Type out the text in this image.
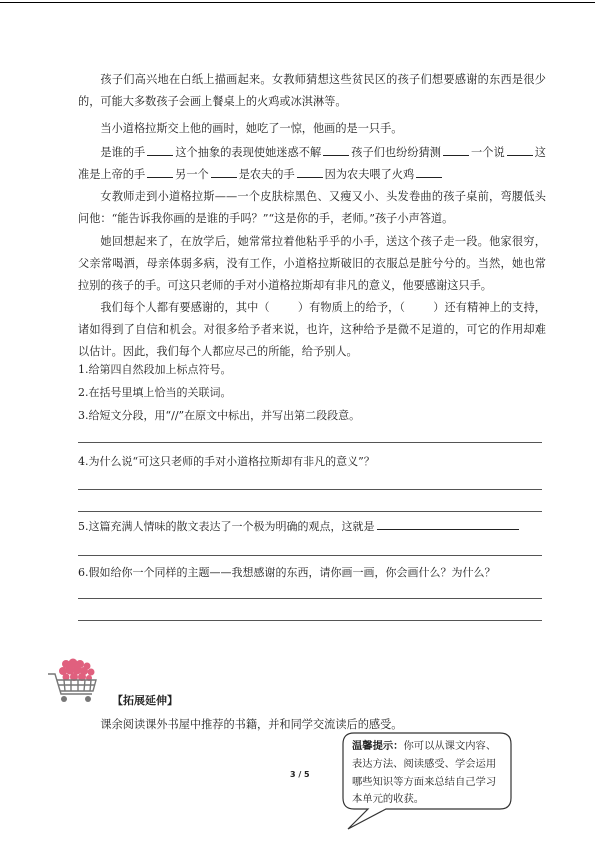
孩子们高兴地在白纸上描画起来。女教师猜想这些贫民区的孩子们想要感谢的东西是很少的，可能大多数孩子会画上餐桌上的火鸡或冰淇淋等。

当小道格拉斯交上他的画时，她吃了一惊，他画的是一只手。

是谁的手	这个抽象的表现使她迷惑不解	孩子们也纷纷猜测	一个说	这准是上帝的手	另一个	是农夫的手	因为农夫喂了火鸡

女教师走到小道格拉斯——一个皮肤棕黑色、又瘦又小、头发卷曲的孩子桌前，弯腰低头问他：“能告诉我你画的是谁的手吗？”“这是你的手，老师。”孩子小声答道。

她回想起来了，在放学后，她常常拉着他粘乎乎的小手，送这个孩子走一段。他家很穷，父亲常喝酒，母亲体弱多病，没有工作，小道格拉斯破旧的衣服总是脏兮兮的。当然，她也常拉别的孩子的手。可这只老师的手对小道格拉斯却有非凡的意义，他要感谢这只手。

我们每个人都有要感谢的，其中（	）有物质上的给予，（	）还有精神上的支持，诸如得到了自信和机会。对很多给予者来说，也许，这种给予是微不足道的，可它的作用却难以估计。因此，我们每个人都应尽己的所能，给予别人。

1.给第四自然段加上标点符号。

2.在括号里填上恰当的关联词。

3.给短文分段，用“//”在原文中标出，并写出第二段段意。

4.为什么说“可这只老师的手对小道格拉斯却有非凡的意义”？

5.这篇充满人情味的散文表达了一个极为明确的观点，这就是

6.假如给你一个同样的主题——我想感谢的东西，请你画一画，你会画什么？为什么？

【拓展延伸】

课余阅读课外书屋中推荐的书籍，并和同学交流读后的感受。

3 / 5

温馨提示：你可以从课文内容、表达方法、阅读感受、学会运用哪些知识等方面来总结自己学习本单元的收获。
